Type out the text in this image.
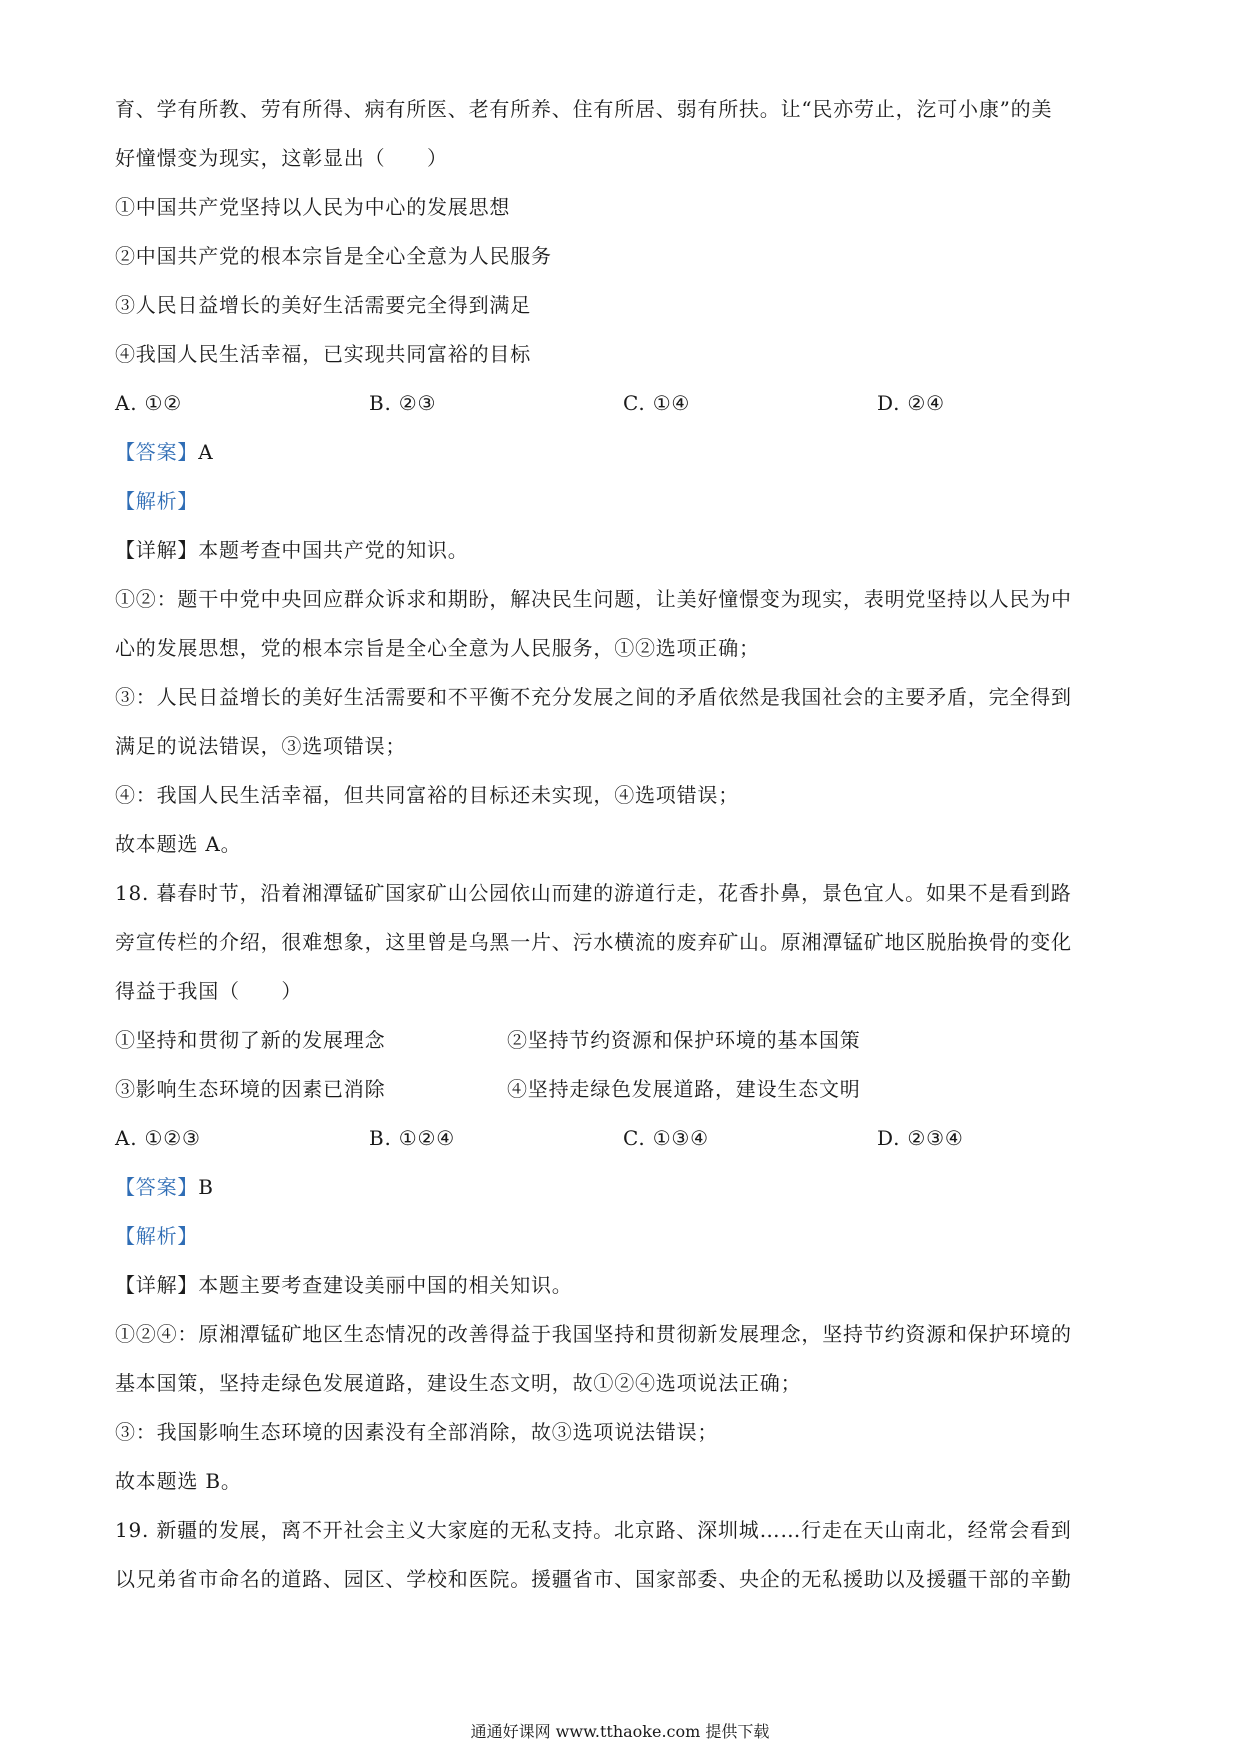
育、学有所教、劳有所得、病有所医、老有所养、住有所居、弱有所扶。让“民亦劳止，汔可小康”的美
好憧憬变为现实，这彰显出（　　）
①中国共产党坚持以人民为中心的发展思想
②中国共产党的根本宗旨是全心全意为人民服务
③人民日益增长的美好生活需要完全得到满足
④我国人民生活幸福，已实现共同富裕的目标
A. ①②	B. ②③	C. ①④	D. ②④
【答案】A
【解析】
【详解】本题考查中国共产党的知识。
①②：题干中党中央回应群众诉求和期盼，解决民生问题，让美好憧憬变为现实，表明党坚持以人民为中
心的发展思想，党的根本宗旨是全心全意为人民服务，①②选项正确；
③：人民日益增长的美好生活需要和不平衡不充分发展之间的矛盾依然是我国社会的主要矛盾，完全得到
满足的说法错误，③选项错误；
④：我国人民生活幸福，但共同富裕的目标还未实现，④选项错误；
故本题选 A。
18. 暮春时节，沿着湘潭锰矿国家矿山公园依山而建的游道行走，花香扑鼻，景色宜人。如果不是看到路
旁宣传栏的介绍，很难想象，这里曾是乌黑一片、污水横流的废弃矿山。原湘潭锰矿地区脱胎换骨的变化
得益于我国（　　）
①坚持和贯彻了新的发展理念	②坚持节约资源和保护环境的基本国策
③影响生态环境的因素已消除	④坚持走绿色发展道路，建设生态文明
A. ①②③	B. ①②④	C. ①③④	D. ②③④
【答案】B
【解析】
【详解】本题主要考查建设美丽中国的相关知识。
①②④：原湘潭锰矿地区生态情况的改善得益于我国坚持和贯彻新发展理念，坚持节约资源和保护环境的
基本国策，坚持走绿色发展道路，建设生态文明，故①②④选项说法正确；
③：我国影响生态环境的因素没有全部消除，故③选项说法错误；
故本题选 B。
19. 新疆的发展，离不开社会主义大家庭的无私支持。北京路、深圳城……行走在天山南北，经常会看到
以兄弟省市命名的道路、园区、学校和医院。援疆省市、国家部委、央企的无私援助以及援疆干部的辛勤
通通好课网 www.tthaoke.com 提供下载
